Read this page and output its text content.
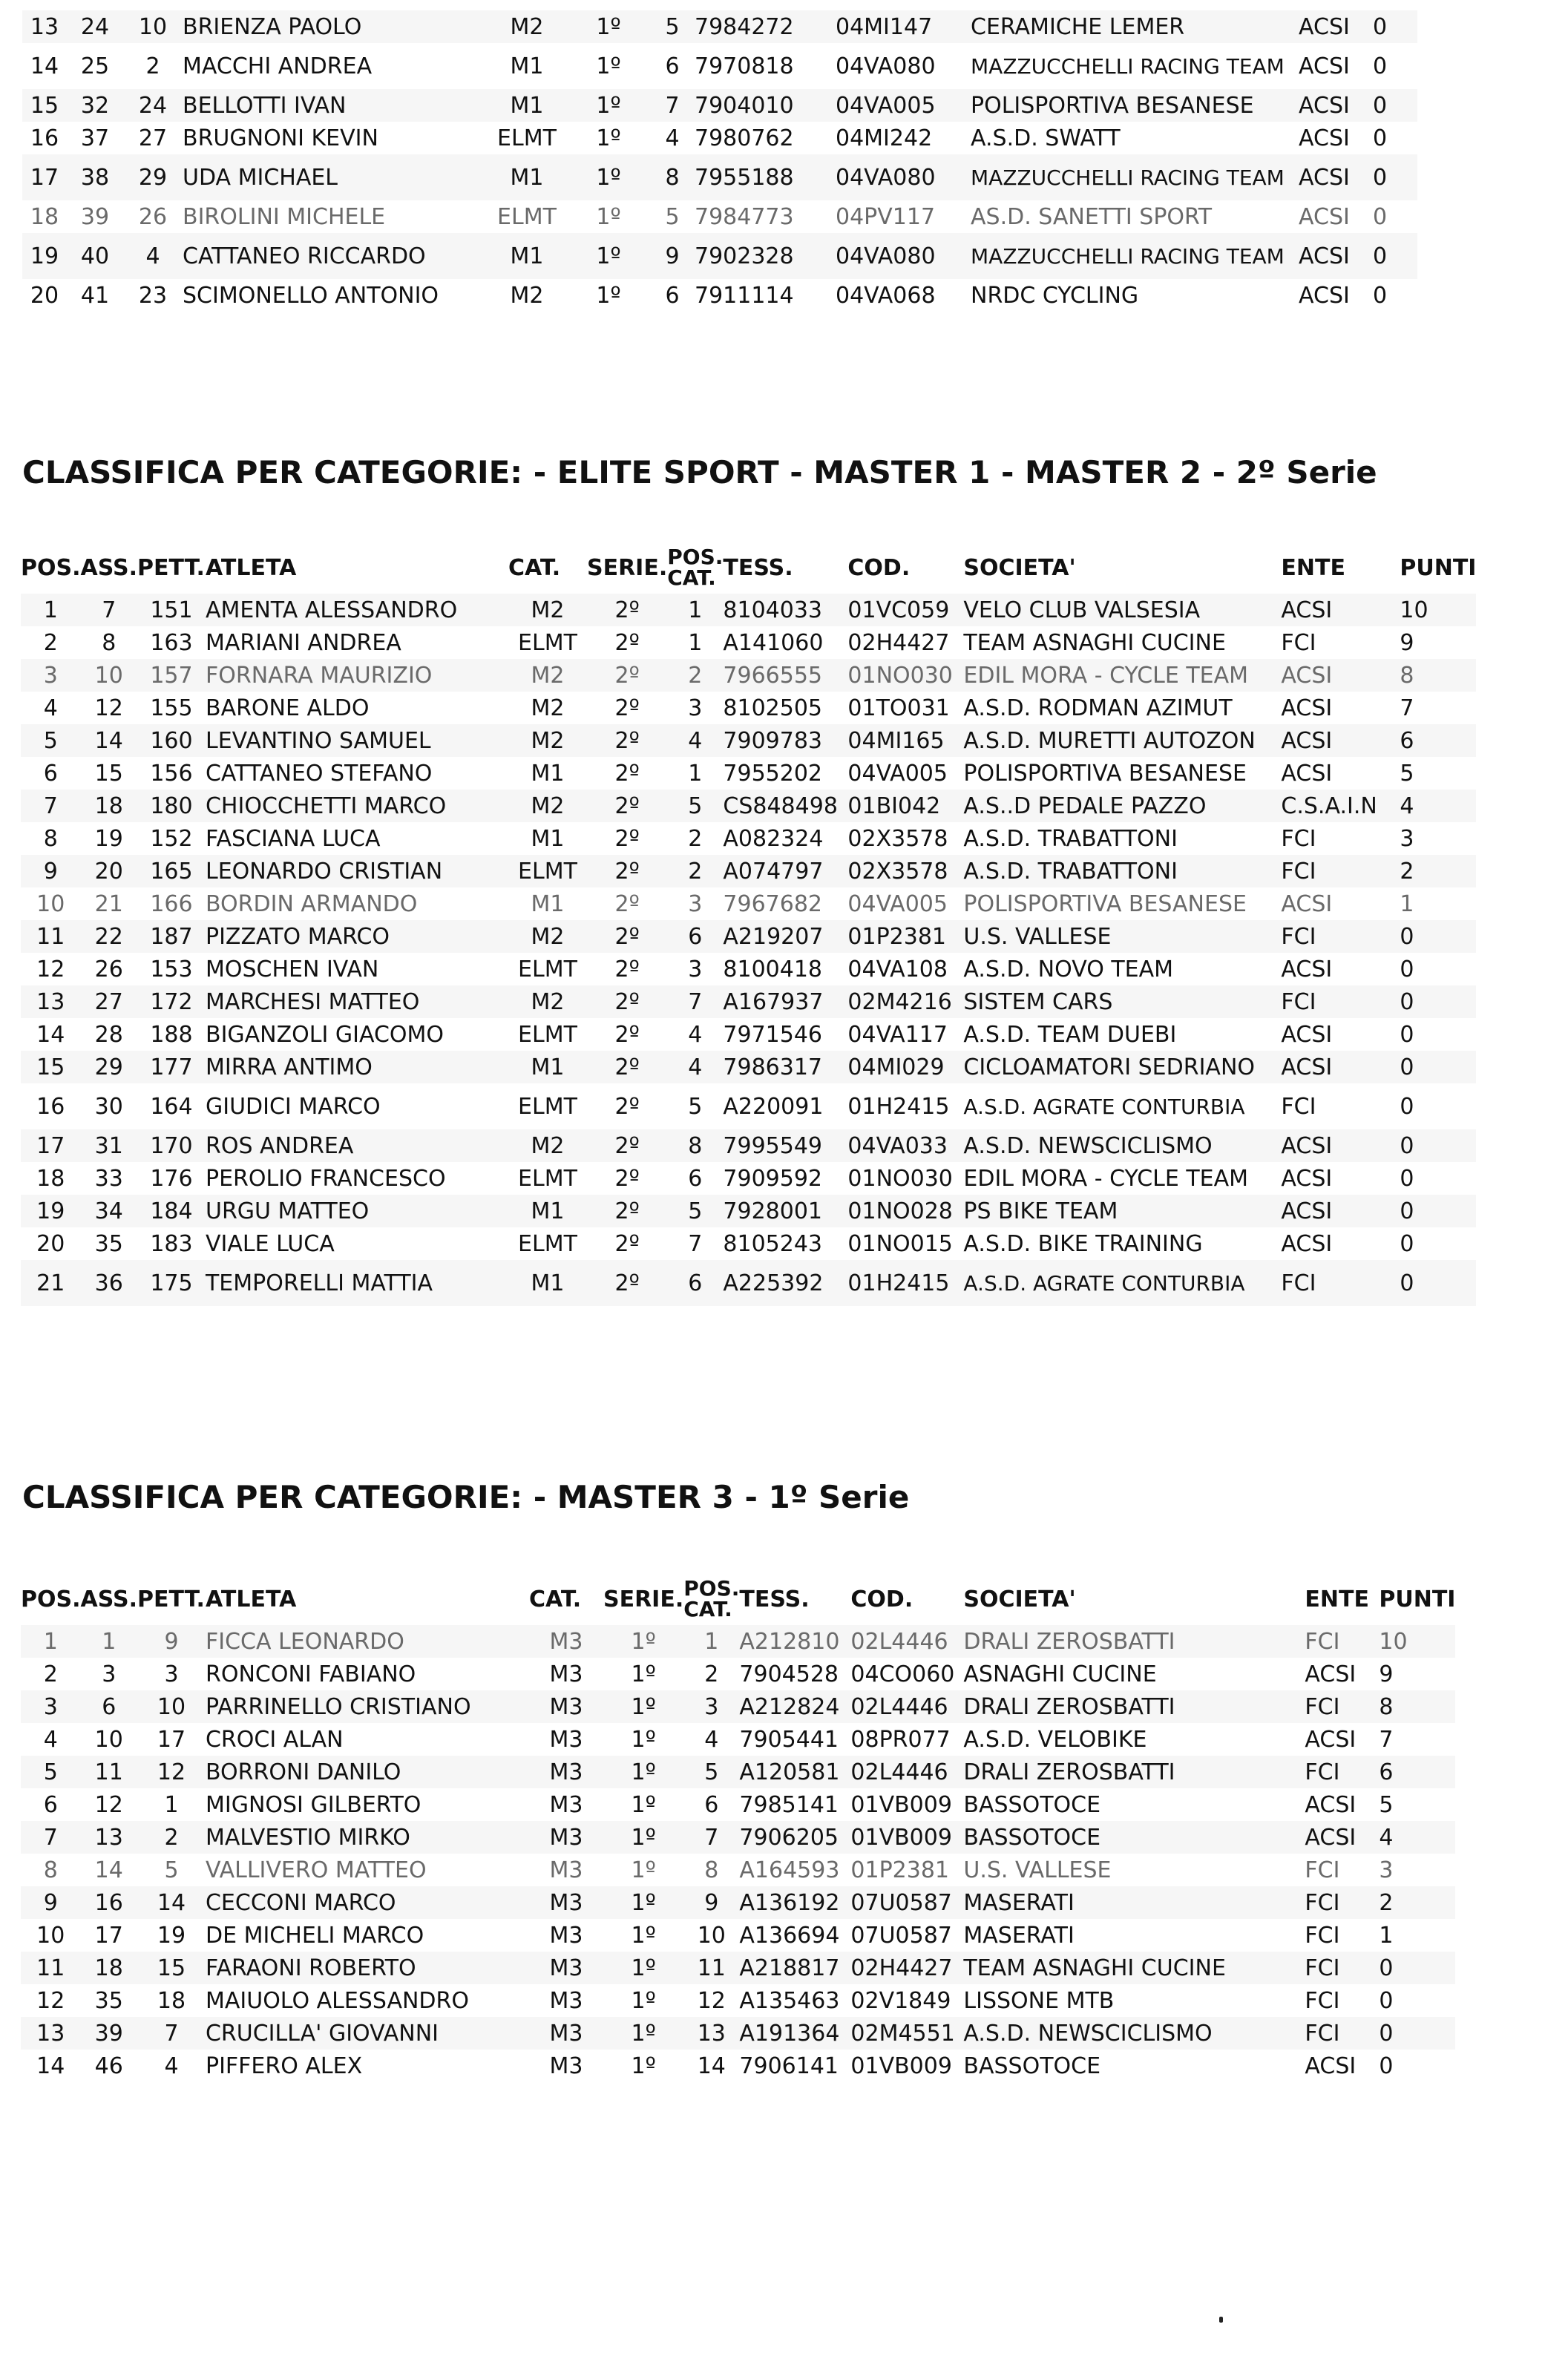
13	24	10	BRIENZA PAOLO	M2	1º	5	7984272	04MI147	CERAMICHE LEMER	ACSI	0
14	25	2	MACCHI ANDREA	M1	1º	6	7970818	04VA080	MAZZUCCHELLI RACING TEAM	ACSI	0
15	32	24	BELLOTTI IVAN	M1	1º	7	7904010	04VA005	POLISPORTIVA BESANESE	ACSI	0
16	37	27	BRUGNONI KEVIN	ELMT	1º	4	7980762	04MI242	A.S.D. SWATT	ACSI	0
17	38	29	UDA MICHAEL	M1	1º	8	7955188	04VA080	MAZZUCCHELLI RACING TEAM	ACSI	0
18	39	26	BIROLINI MICHELE	ELMT	1º	5	7984773	04PV117	AS.D. SANETTI SPORT	ACSI	0
19	40	4	CATTANEO RICCARDO	M1	1º	9	7902328	04VA080	MAZZUCCHELLI RACING TEAM	ACSI	0
20	41	23	SCIMONELLO ANTONIO	M2	1º	6	7911114	04VA068	NRDC CYCLING	ACSI	0
CLASSIFICA PER CATEGORIE: - ELITE SPORT - MASTER 1 - MASTER 2 - 2º Serie
POS.	ASS.	PETT.	ATLETA	CAT.	SERIE.	POS.
CAT.	TESS.	COD.	SOCIETA'	ENTE	PUNTI
1	7	151	AMENTA ALESSANDRO	M2	2º	1	8104033	01VC059	VELO CLUB VALSESIA	ACSI	10
2	8	163	MARIANI ANDREA	ELMT	2º	1	A141060	02H4427	TEAM ASNAGHI CUCINE	FCI	9
3	10	157	FORNARA MAURIZIO	M2	2º	2	7966555	01NO030	EDIL MORA - CYCLE TEAM	ACSI	8
4	12	155	BARONE ALDO	M2	2º	3	8102505	01TO031	A.S.D. RODMAN AZIMUT	ACSI	7
5	14	160	LEVANTINO SAMUEL	M2	2º	4	7909783	04MI165	A.S.D. MURETTI AUTOZON	ACSI	6
6	15	156	CATTANEO STEFANO	M1	2º	1	7955202	04VA005	POLISPORTIVA BESANESE	ACSI	5
7	18	180	CHIOCCHETTI MARCO	M2	2º	5	CS848498	01BI042	A.S..D PEDALE PAZZO	C.S.A.I.N	4
8	19	152	FASCIANA LUCA	M1	2º	2	A082324	02X3578	A.S.D. TRABATTONI	FCI	3
9	20	165	LEONARDO CRISTIAN	ELMT	2º	2	A074797	02X3578	A.S.D. TRABATTONI	FCI	2
10	21	166	BORDIN ARMANDO	M1	2º	3	7967682	04VA005	POLISPORTIVA BESANESE	ACSI	1
11	22	187	PIZZATO MARCO	M2	2º	6	A219207	01P2381	U.S. VALLESE	FCI	0
12	26	153	MOSCHEN IVAN	ELMT	2º	3	8100418	04VA108	A.S.D. NOVO TEAM	ACSI	0
13	27	172	MARCHESI MATTEO	M2	2º	7	A167937	02M4216	SISTEM CARS	FCI	0
14	28	188	BIGANZOLI GIACOMO	ELMT	2º	4	7971546	04VA117	A.S.D. TEAM DUEBI	ACSI	0
15	29	177	MIRRA ANTIMO	M1	2º	4	7986317	04MI029	CICLOAMATORI SEDRIANO	ACSI	0
16	30	164	GIUDICI MARCO	ELMT	2º	5	A220091	01H2415	A.S.D. AGRATE CONTURBIA	FCI	0
17	31	170	ROS ANDREA	M2	2º	8	7995549	04VA033	A.S.D. NEWSCICLISMO	ACSI	0
18	33	176	PEROLIO FRANCESCO	ELMT	2º	6	7909592	01NO030	EDIL MORA - CYCLE TEAM	ACSI	0
19	34	184	URGU MATTEO	M1	2º	5	7928001	01NO028	PS BIKE TEAM	ACSI	0
20	35	183	VIALE LUCA	ELMT	2º	7	8105243	01NO015	A.S.D. BIKE TRAINING	ACSI	0
21	36	175	TEMPORELLI MATTIA	M1	2º	6	A225392	01H2415	A.S.D. AGRATE CONTURBIA	FCI	0
CLASSIFICA PER CATEGORIE: - MASTER 3 - 1º Serie
POS.	ASS.	PETT.	ATLETA	CAT.	SERIE.	POS.
CAT.	TESS.	COD.	SOCIETA'	ENTE	PUNTI
1	1	9	FICCA LEONARDO	M3	1º	1	A212810	02L4446	DRALI ZEROSBATTI	FCI	10
2	3	3	RONCONI FABIANO	M3	1º	2	7904528	04CO060	ASNAGHI CUCINE	ACSI	9
3	6	10	PARRINELLO CRISTIANO	M3	1º	3	A212824	02L4446	DRALI ZEROSBATTI	FCI	8
4	10	17	CROCI ALAN	M3	1º	4	7905441	08PR077	A.S.D. VELOBIKE	ACSI	7
5	11	12	BORRONI DANILO	M3	1º	5	A120581	02L4446	DRALI ZEROSBATTI	FCI	6
6	12	1	MIGNOSI GILBERTO	M3	1º	6	7985141	01VB009	BASSOTOCE	ACSI	5
7	13	2	MALVESTIO MIRKO	M3	1º	7	7906205	01VB009	BASSOTOCE	ACSI	4
8	14	5	VALLIVERO MATTEO	M3	1º	8	A164593	01P2381	U.S. VALLESE	FCI	3
9	16	14	CECCONI MARCO	M3	1º	9	A136192	07U0587	MASERATI	FCI	2
10	17	19	DE MICHELI MARCO	M3	1º	10	A136694	07U0587	MASERATI	FCI	1
11	18	15	FARAONI ROBERTO	M3	1º	11	A218817	02H4427	TEAM ASNAGHI CUCINE	FCI	0
12	35	18	MAIUOLO ALESSANDRO	M3	1º	12	A135463	02V1849	LISSONE MTB	FCI	0
13	39	7	CRUCILLA' GIOVANNI	M3	1º	13	A191364	02M4551	A.S.D. NEWSCICLISMO	FCI	0
14	46	4	PIFFERO ALEX	M3	1º	14	7906141	01VB009	BASSOTOCE	ACSI	0
